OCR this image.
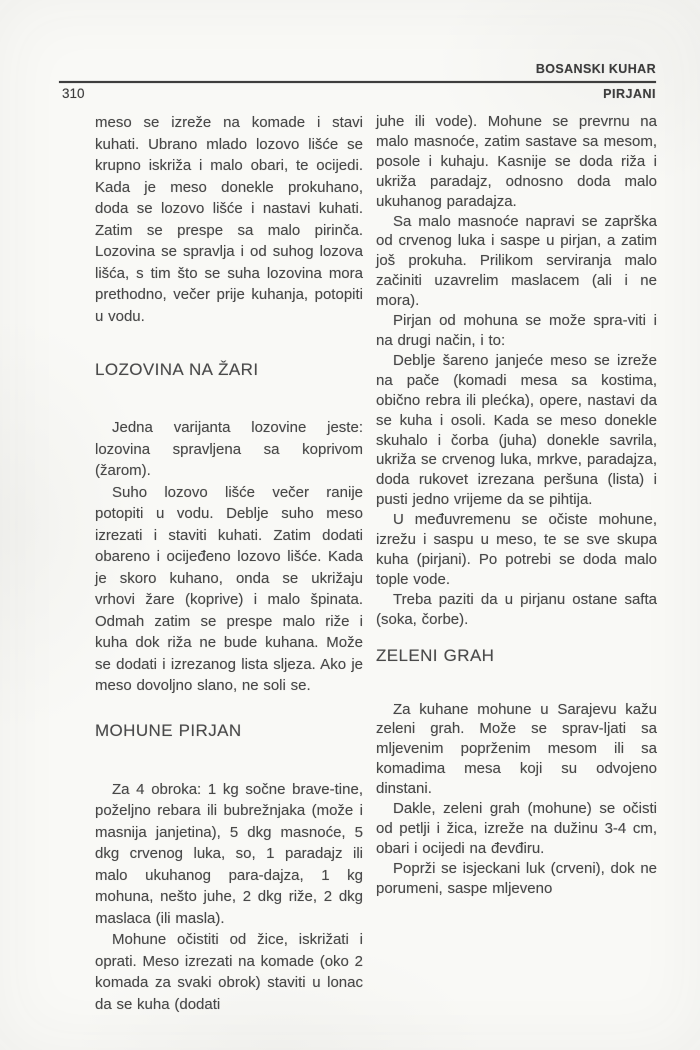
BOSANSKI KUHAR
310	PIRJANI

meso se izreže na komade i stavi kuhati. Ubrano mlado lozovo lišće se krupno iskriža i malo obari, te ocijedi. Kada je meso donekle prokuhano, doda se lozovo lišće i nastavi kuhati. Zatim se prespe sa malo pirinča. Lozovina se spravlja i od suhog lozova lišća, s tim što se suha lozovina mora prethodno, večer prije kuhanja, potopiti u vodu.

LOZOVINA NA ŽARI

Jedna varijanta lozovine jeste: lozovina spravljena sa koprivom (žarom).

Suho lozovo lišće večer ranije potopiti u vodu. Deblje suho meso izrezati i staviti kuhati. Zatim dodati obareno i ocijeđeno lozovo lišće. Kada je skoro kuhano, onda se ukrižaju vrhovi žare (koprive) i malo špinata. Odmah zatim se prespe malo riže i kuha dok riža ne bude kuhana. Može se dodati i izrezanog lista sljeza. Ako je meso dovoljno slano, ne soli se.

MOHUNE PIRJAN

Za 4 obroka: 1 kg sočne brave-tine, poželjno rebara ili bubrežnjaka (može i masnija janjetina), 5 dkg masnoće, 5 dkg crvenog luka, so, 1 paradajz ili malo ukuhanog para-dajza, 1 kg mohuna, nešto juhe, 2 dkg riže, 2 dkg maslaca (ili masla).

Mohune očistiti od žice, iskrižati i oprati. Meso izrezati na komade (oko 2 komada za svaki obrok) staviti u lonac da se kuha (dodati

juhe ili vode). Mohune se prevrnu na malo masnoće, zatim sastave sa mesom, posole i kuhaju. Kasnije se doda riža i ukriža paradajz, odnosno doda malo ukuhanog paradajza.

Sa malo masnoće napravi se zaprška od crvenog luka i saspe u pirjan, a zatim još prokuha. Prilikom serviranja malo začiniti uzavrelim maslacem (ali i ne mora).

Pirjan od mohuna se može spra-viti i na drugi način, i to:

Deblje šareno janjeće meso se izreže na pače (komadi mesa sa kostima, obično rebra ili plećka), opere, nastavi da se kuha i osoli. Kada se meso donekle skuhalo i čorba (juha) donekle savrila, ukriža se crvenog luka, mrkve, paradajza, doda rukovet izrezana peršuna (lista) i pusti jedno vrijeme da se pihtija.

U međuvremenu se očiste mohune, izrežu i saspu u meso, te se sve skupa kuha (pirjani). Po potrebi se doda malo tople vode.

Treba paziti da u pirjanu ostane safta (soka, čorbe).

ZELENI GRAH

Za kuhane mohune u Sarajevu kažu zeleni grah. Može se sprav-ljati sa mljevenim poprženim mesom ili sa komadima mesa koji su odvojeno dinstani.

Dakle, zeleni grah (mohune) se očisti od petlji i žica, izreže na dužinu 3-4 cm, obari i ocijedi na đevđiru.

Poprži se isjeckani luk (crveni), dok ne porumeni, saspe mljeveno
